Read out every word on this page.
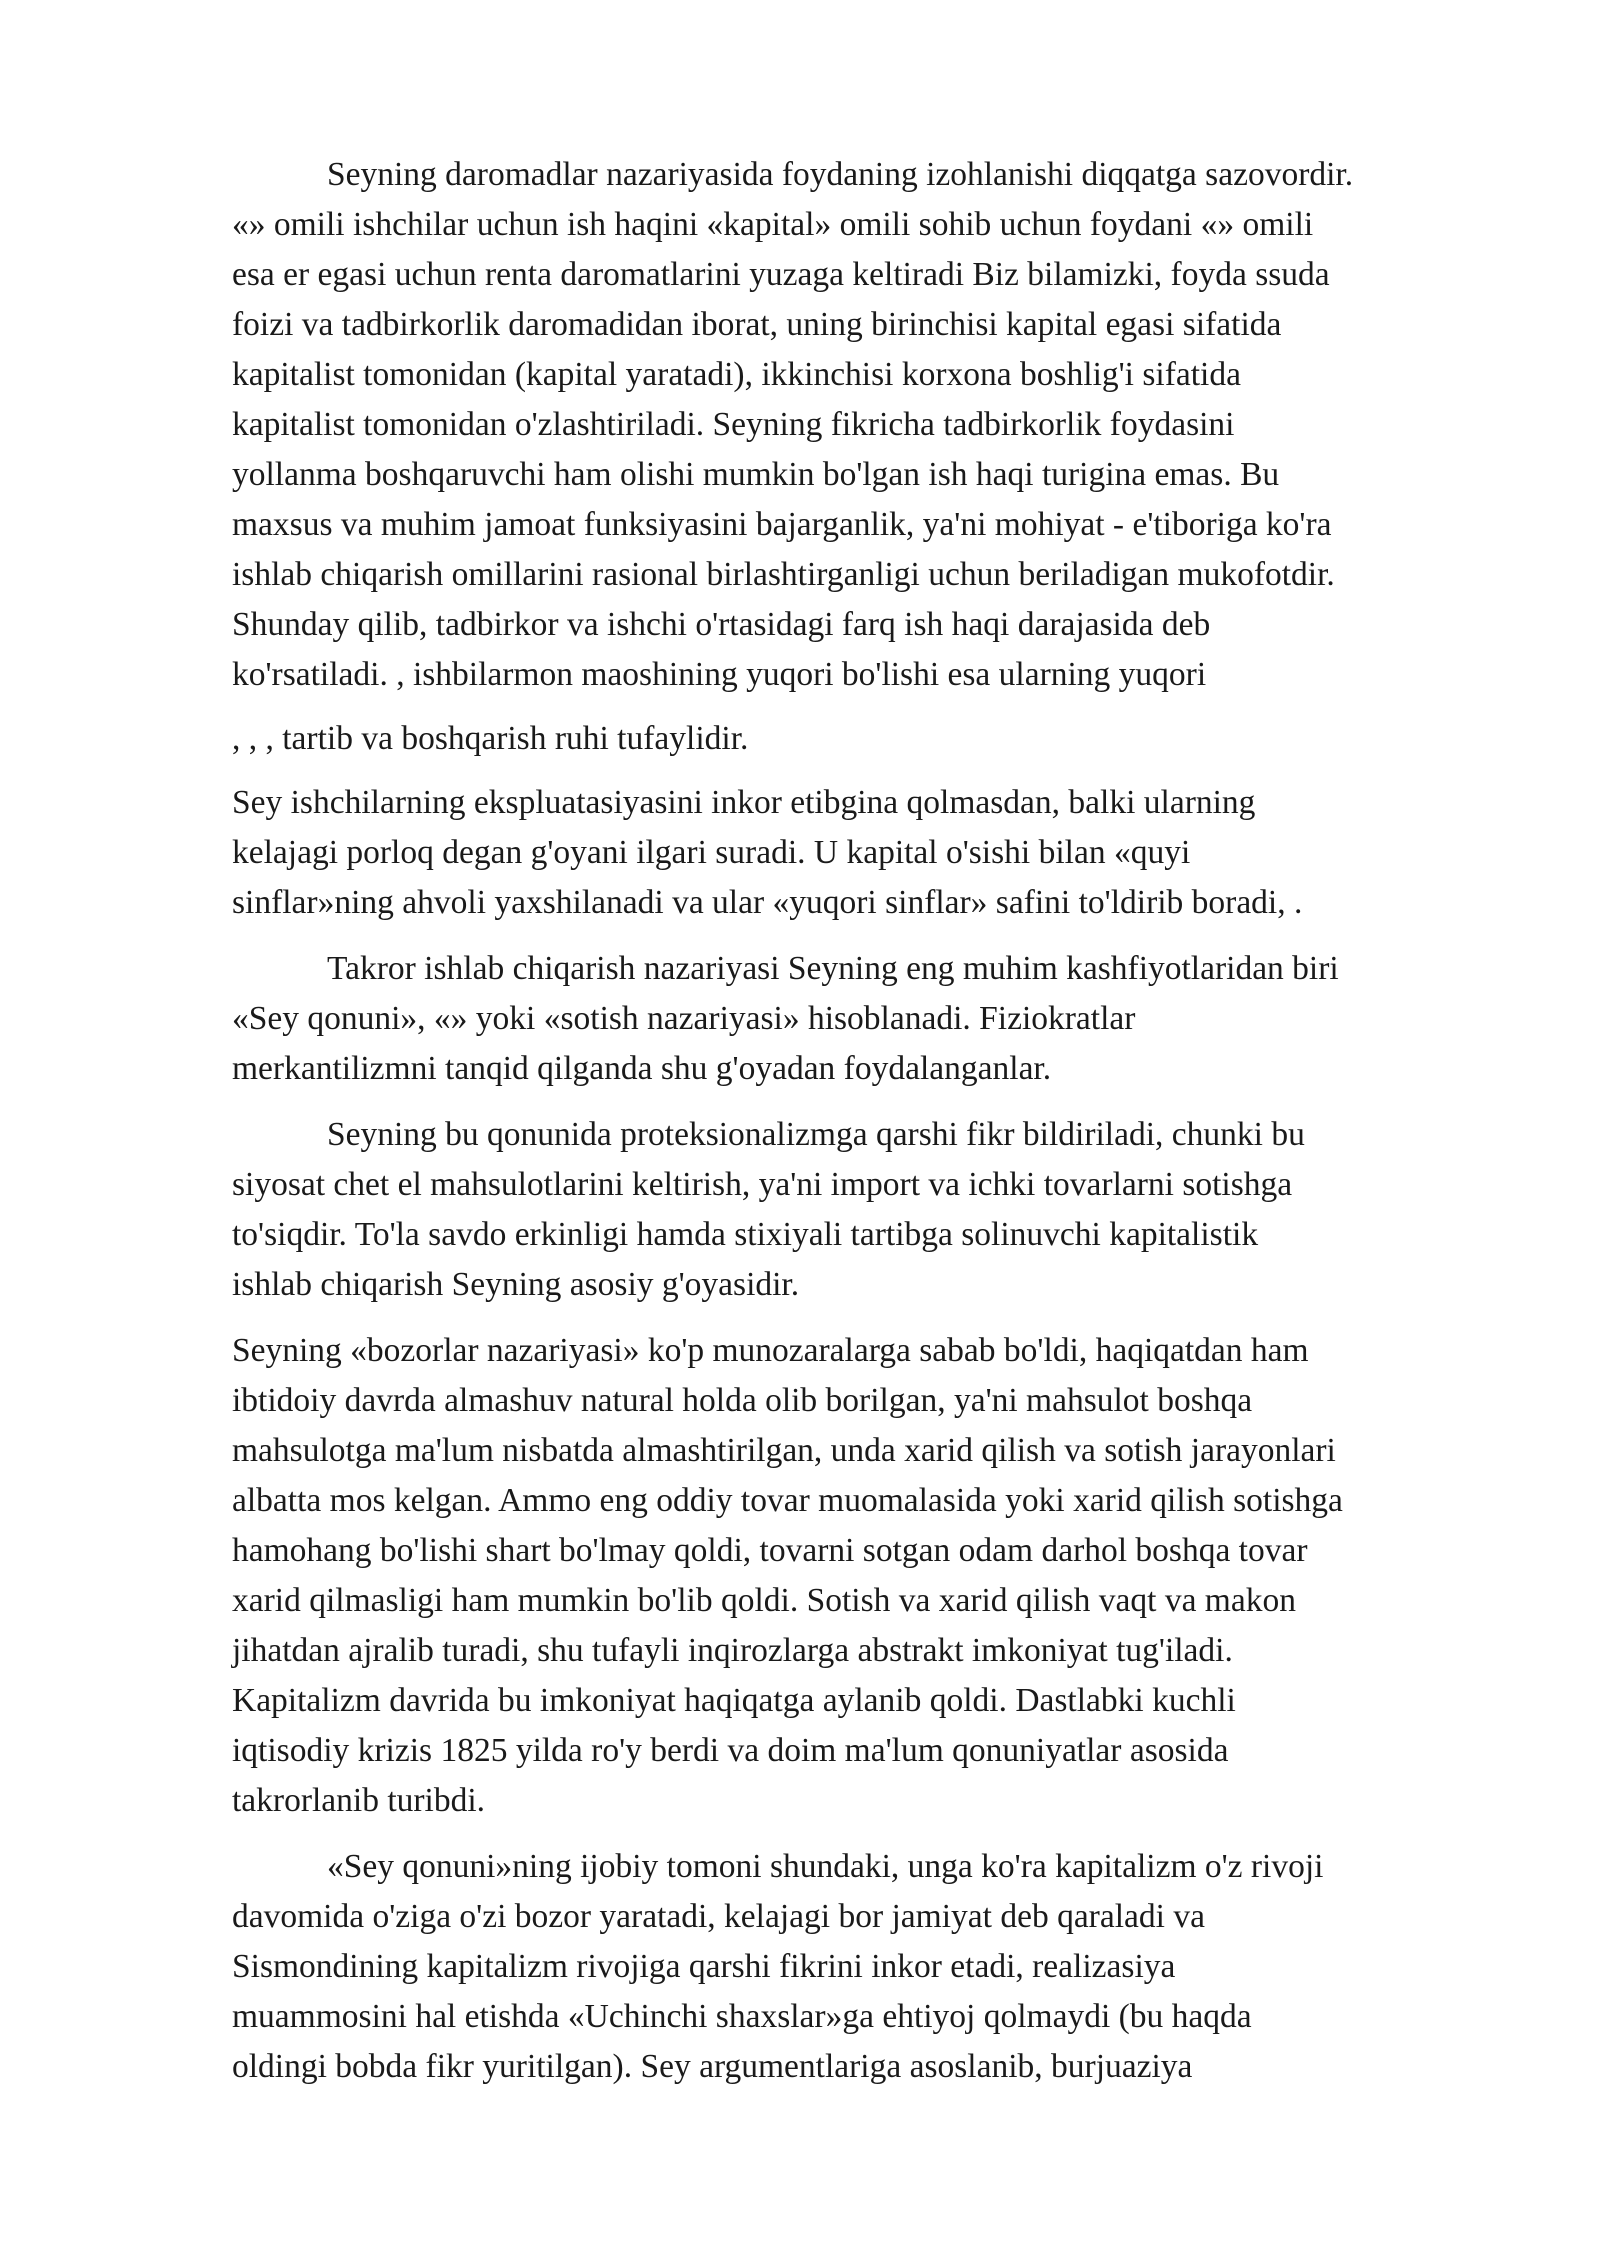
Seyning daromadlar nazariyasida foydaning izohlanishi diqqatga sazovordir.
«» omili ishchilar uchun ish haqini «kapital» omili sohib uchun foydani «» omili
esa er egasi uchun renta daromatlarini yuzaga keltiradi Biz bilamizki, foyda ssuda
foizi va tadbirkorlik daromadidan iborat, uning birinchisi kapital egasi sifatida
kapitalist tomonidan (kapital yaratadi), ikkinchisi korxona boshlig'i sifatida
kapitalist tomonidan o'zlashtiriladi. Seyning fikricha tadbirkorlik foydasini
yollanma boshqaruvchi ham olishi mumkin bo'lgan ish haqi turigina emas. Bu
maxsus va muhim jamoat funksiyasini bajarganlik, ya'ni mohiyat - e'tiboriga ko'ra
ishlab chiqarish omillarini rasional birlashtirganligi uchun beriladigan mukofotdir.
Shunday qilib, tadbirkor va ishchi o'rtasidagi farq ish haqi darajasida deb
ko'rsatiladi. , ishbilarmon maoshining yuqori bo'lishi esa ularning yuqori

, , , tartib va boshqarish ruhi tufaylidir.

Sey ishchilarning ekspluatasiyasini inkor etibgina qolmasdan, balki ularning
kelajagi porloq degan g'oyani ilgari suradi. U kapital o'sishi bilan «quyi
sinflar»ning ahvoli yaxshilanadi va ular «yuqori sinflar» safini to'ldirib boradi, .

Takror ishlab chiqarish nazariyasi Seyning eng muhim kashfiyotlaridan biri
«Sey qonuni», «» yoki «sotish nazariyasi» hisoblanadi. Fiziokratlar
merkantilizmni tanqid qilganda shu g'oyadan foydalanganlar.

Seyning bu qonunida proteksionalizmga qarshi fikr bildiriladi, chunki bu
siyosat chet el mahsulotlarini keltirish, ya'ni import va ichki tovarlarni sotishga
to'siqdir. To'la savdo erkinligi hamda stixiyali tartibga solinuvchi kapitalistik
ishlab chiqarish Seyning asosiy g'oyasidir.

Seyning «bozorlar nazariyasi» ko'p munozaralarga sabab bo'ldi, haqiqatdan ham
ibtidoiy davrda almashuv natural holda olib borilgan, ya'ni mahsulot boshqa
mahsulotga ma'lum nisbatda almashtirilgan, unda xarid qilish va sotish jarayonlari
albatta mos kelgan. Ammo eng oddiy tovar muomalasida yoki xarid qilish sotishga
hamohang bo'lishi shart bo'lmay qoldi, tovarni sotgan odam darhol boshqa tovar
xarid qilmasligi ham mumkin bo'lib qoldi. Sotish va xarid qilish vaqt va makon
jihatdan ajralib turadi, shu tufayli inqirozlarga abstrakt imkoniyat tug'iladi.
Kapitalizm davrida bu imkoniyat haqiqatga aylanib qoldi. Dastlabki kuchli
iqtisodiy krizis 1825 yilda ro'y berdi va doim ma'lum qonuniyatlar asosida
takrorlanib turibdi.

«Sey qonuni»ning ijobiy tomoni shundaki, unga ko'ra kapitalizm o'z rivoji
davomida o'ziga o'zi bozor yaratadi, kelajagi bor jamiyat deb qaraladi va
Sismondining kapitalizm rivojiga qarshi fikrini inkor etadi, realizasiya
muammosini hal etishda «Uchinchi shaxslar»ga ehtiyoj qolmaydi (bu haqda
oldingi bobda fikr yuritilgan). Sey argumentlariga asoslanib, burjuaziya
